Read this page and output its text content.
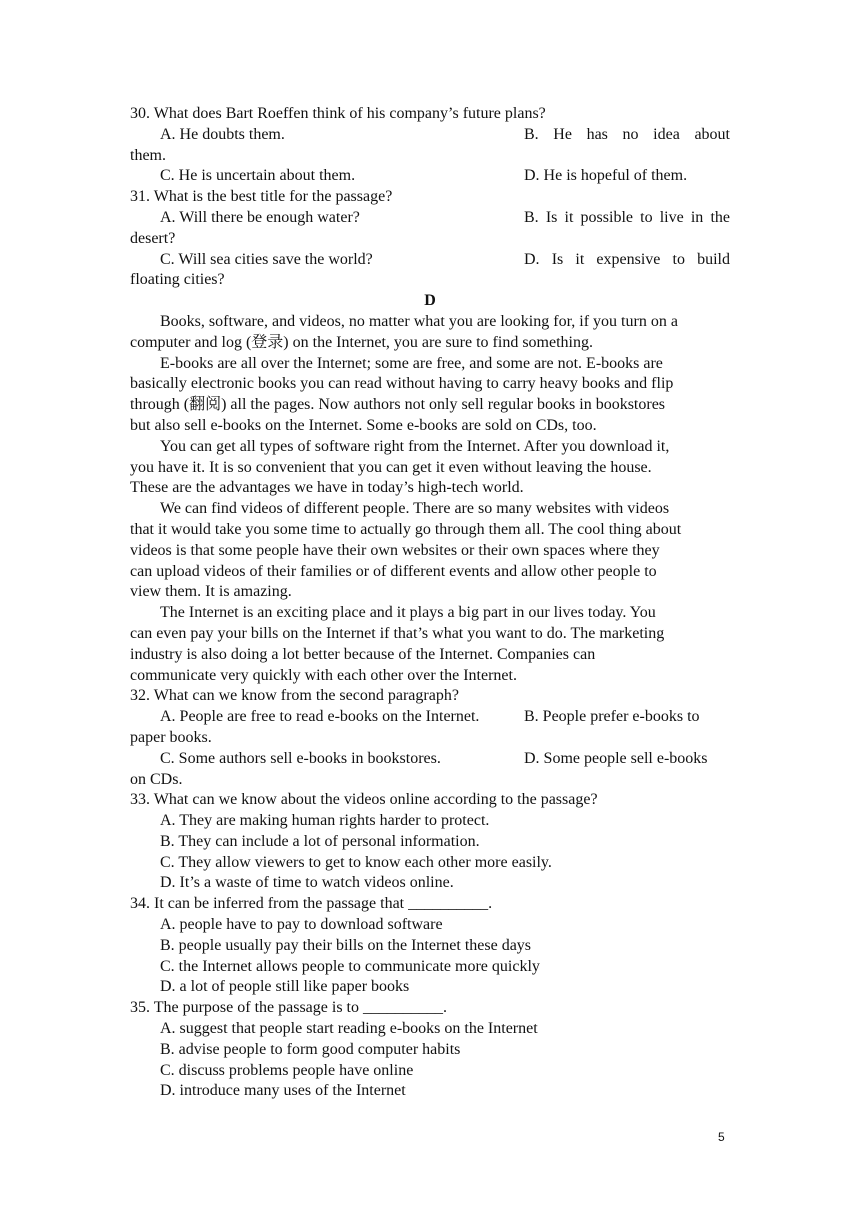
30. What does Bart Roeffen think of his company’s future plans?
A. He doubts them.	B. He has no idea about
them.
C. He is uncertain about them.	D. He is hopeful of them.
31. What is the best title for the passage?
A. Will there be enough water?	B. Is it possible to live in the
desert?
C. Will sea cities save the world?	D. Is it expensive to build
floating cities?
D
Books, software, and videos, no matter what you are looking for, if you turn on a
computer and log (登录) on the Internet, you are sure to find something.
E-books are all over the Internet; some are free, and some are not. E-books are
basically electronic books you can read without having to carry heavy books and flip
through (翻阅) all the pages. Now authors not only sell regular books in bookstores
but also sell e-books on the Internet. Some e-books are sold on CDs, too.
You can get all types of software right from the Internet. After you download it,
you have it. It is so convenient that you can get it even without leaving the house.
These are the advantages we have in today’s high-tech world.
We can find videos of different people. There are so many websites with videos
that it would take you some time to actually go through them all. The cool thing about
videos is that some people have their own websites or their own spaces where they
can upload videos of their families or of different events and allow other people to
view them. It is amazing.
The Internet is an exciting place and it plays a big part in our lives today. You
can even pay your bills on the Internet if that’s what you want to do. The marketing
industry is also doing a lot better because of the Internet. Companies can
communicate very quickly with each other over the Internet.
32. What can we know from the second paragraph?
A. People are free to read e-books on the Internet.	B. People prefer e-books to
paper books.
C. Some authors sell e-books in bookstores.	D. Some people sell e-books
on CDs.
33. What can we know about the videos online according to the passage?
A. They are making human rights harder to protect.
B. They can include a lot of personal information.
C. They allow viewers to get to know each other more easily.
D. It’s a waste of time to watch videos online.
34. It can be inferred from the passage that __________.
A. people have to pay to download software
B. people usually pay their bills on the Internet these days
C. the Internet allows people to communicate more quickly
D. a lot of people still like paper books
35. The purpose of the passage is to __________.
A. suggest that people start reading e-books on the Internet
B. advise people to form good computer habits
C. discuss problems people have online
D. introduce many uses of the Internet
5
